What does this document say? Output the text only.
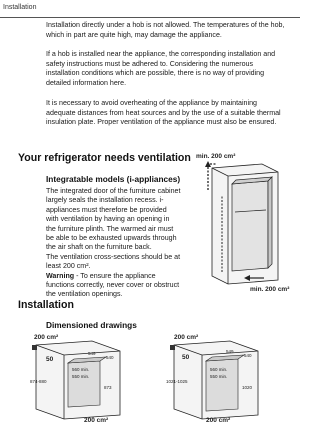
Installation

Installation directly under a hob is not allowed. The temperatures of the hob, which in part are quite high, may damage the appliance.

If a hob is installed near the appliance, the corresponding installation and safety instructions must be adhered to. Considering the numerous installation conditions which are possible, there is no way of providing detailed information here.

It is necessary to avoid overheating of the appliance by maintaining adequate distances from heat sources and by the use of a suitable thermal insulation plate. Proper ventilation of the appliance must also be ensured.

Your refrigerator needs ventilation
Integratable models (i-appliances)

The integrated door of the furniture cabinet largely seals the installation recess. i-appliances must therefore be provided with ventilation by having an opening in the furniture plinth. The warmed air must be able to be exhausted upwards through the air shaft on the furniture back.

The ventilation cross-sections should be at least 200 cm².

Warning - To ensure the appliance functions correctly, never cover or obstruct the ventilation openings.

min. 200 cm²
min. 200 cm²
Installation
Dimensioned drawings
200 cm²
50
874-880
560 min.
550 min.
549
540
873
200 cm²
200 cm²
50
1021-1025
560 min.
550 min.
549
540
1020
200 cm²
